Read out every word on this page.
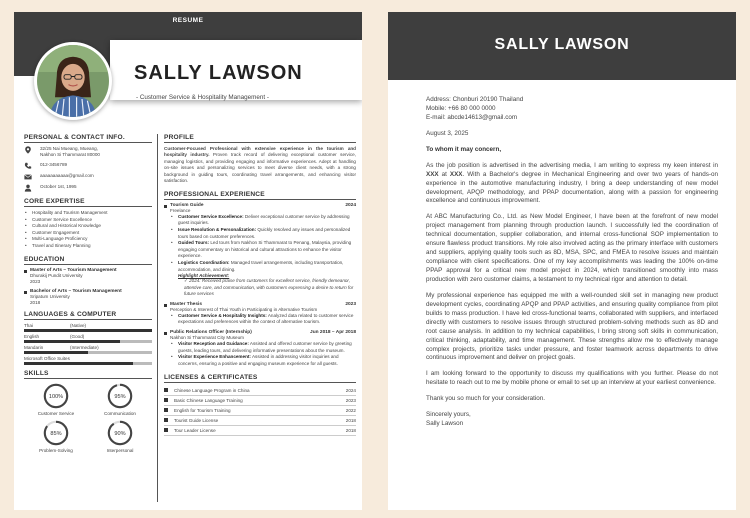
RESUME
SALLY LAWSON
- Customer Service & Hospitality Management -
PERSONAL & CONTACT INFO.
32/25 Nai Mueang, Mueang,
Nakhon Si Thammarat 80000
012-3456789
aaaaaaaaaaa@gmail.com
October 1st, 1995
CORE EXPERTISE
• Hospitality and Tourism Management
• Customer Service Excellence
• Cultural and Historical Knowledge
• Customer Engagement
• Multi-Language Proficiency
• Travel and Itinerary Planning
EDUCATION
Master of Arts – Tourism Management
Dhurakij Pundit University
2023
Bachelor of Arts – Tourism Management
Sripatum University
2018
LANGUAGES & COMPUTER
Thai	(Native)
English	(Good)
Mandarin	(Intermediate)
Microsoft Office Suites
SKILLS
100%
Customer Service
95%
Communication
85%
Problem-Solving
90%
Interpersonal
PROFILE
Customer-Focused Professional with extensive experience in the tourism and hospitality industry. Proven track record of delivering exceptional customer service, managing logistics, and providing engaging and informative experiences. Adept at handling on-site issues and personalizing services to meet diverse client needs, with a strong background in guiding tours, coordinating travel arrangements, and enhancing visitor satisfaction.
PROFESSIONAL EXPERIENCE
Tourism Guide	2024
Freelance
• Customer Service Excellence: Deliver exceptional customer service by addressing guest inquiries.
• Issue Resolution & Personalization: Quickly resolved any issues and personalized tours based on customer preferences.
• Guided Tours: Led tours from Nakhon Si Thammarat to Penang, Malaysia, providing engaging commentary on historical and cultural attractions to enhance the visitor experience.
• Logistics Coordination: Managed travel arrangements, including transportation, accommodation, and dining.
Highlight Achievement:
✓ 2024: Received praise from customers for excellent service, friendly demeanor, attentive care, and communication, with customers expressing a desire to return for future services
Master Thesis	2023
Perception & Interest of Thai Youth in Participating in Alternative Tourism
• Customer Service & Hospitality Insights: Analyzed data related to customer service expectations and preferences within the context of alternative tourism.
Public Relations Officer (Internship)	Jun 2018 – Apr 2018
Nakhon Si Thammarat City Museum
• Visitor Reception and Guidance: Assisted and offered customer service by greeting guests, leading tours, and delivering informative presentations about the museum.
• Visitor Experience Enhancement: Assisted in addressing visitor inquiries and concerns, ensuring a positive and engaging museum experience for all guests.
LICENSES & CERTIFICATES
Chinese Language Program in China	2024
Basic Chinese Language Training	2023
English for Tourism Training	2022
Tourist Guide License	2018
Tour Leader License	2018
SALLY LAWSON

Address: Chonburi 20190 Thailand

Mobile: +66 80 000 0000

E-mail: abcde14613@gmail.com

August 3, 2025

To whom it may concern,

As the job position is advertised in the advertising media, I am writing to express my keen interest in XXX at XXX. With a Bachelor's degree in Mechanical Engineering and over two years of hands-on experience in the automotive manufacturing industry, I bring a deep understanding of new model development, APQP methodology, and PPAP documentation, along with a passion for engineering excellence and continuous improvement.

At ABC Manufacturing Co., Ltd. as New Model Engineer, I have been at the forefront of new model project management from planning through production launch. I successfully led the coordination of technical documentation, supplier collaboration, and internal cross-functional SOP implementation to ensure flawless product transitions. My role also involved acting as the primary interface with customers and suppliers, applying quality tools such as 8D, MSA, SPC, and FMEA to resolve issues and maintain compliance with client specifications. One of my key accomplishments was leading the 100% on-time PPAP approval for a critical new model project in 2024, which transitioned smoothly into mass production with zero customer claims, a testament to my technical rigor and attention to detail.

My professional experience has equipped me with a well-rounded skill set in managing new product development cycles, coordinating APQP and PPAP activities, and ensuring quality compliance from pilot builds to mass production. I have led cross-functional teams, collaborated with suppliers, and interfaced directly with customers to resolve issues through structured problem-solving methods such as 8D and root cause analysis. In addition to my technical capabilities, I bring strong soft skills in communication, critical thinking, adaptability, and time management. These strengths allow me to effectively manage complex projects, prioritize tasks under pressure, and foster teamwork across departments to drive continuous improvement and deliver on project goals.

I am looking forward to the opportunity to discuss my qualifications with you further. Please do not hesitate to reach out to me by mobile phone or email to set up an interview at your earliest convenience.

Thank you so much for your consideration.

Sincerely yours,

Sally Lawson
